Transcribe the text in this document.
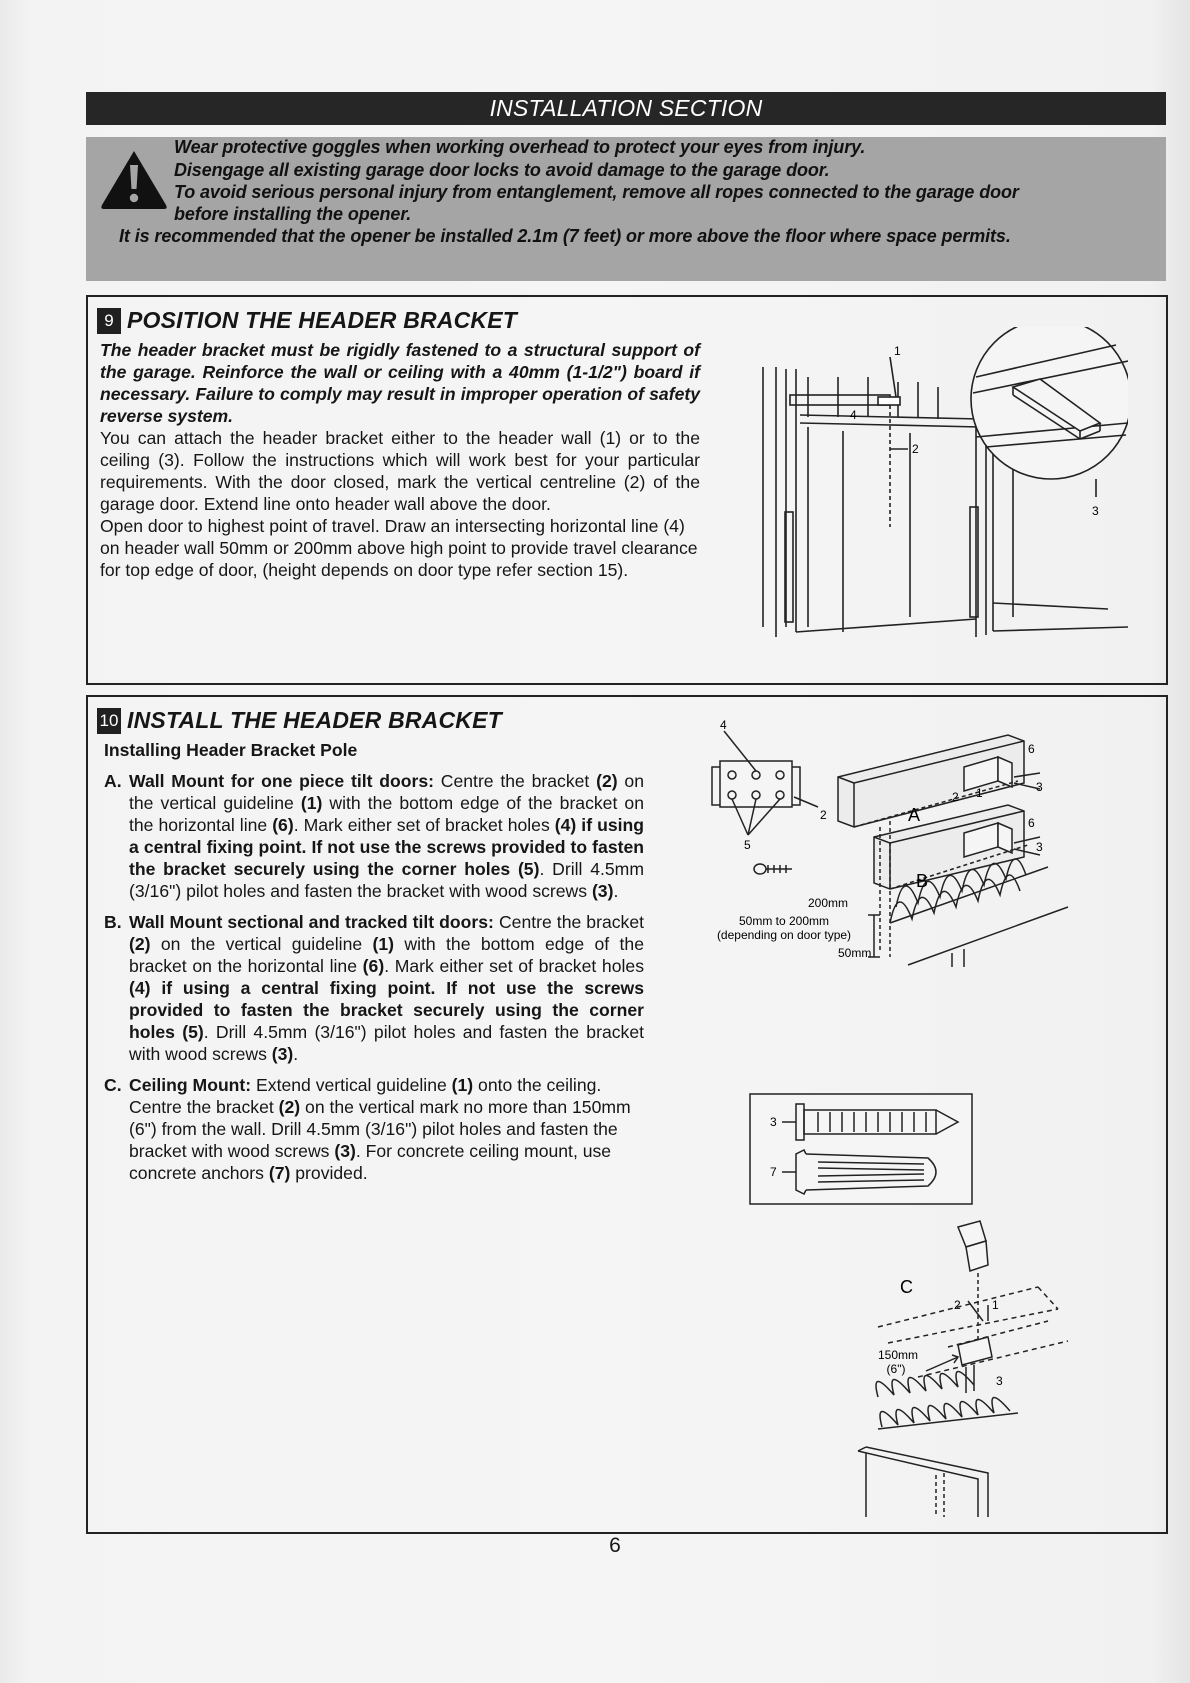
INSTALLATION SECTION
Wear protective goggles when working overhead to protect your eyes from injury.
Disengage all existing garage door locks to avoid damage to the garage door.
To avoid serious personal injury from entanglement, remove all ropes connected to the garage door
before installing the opener.
It is recommended that the opener be installed 2.1m (7 feet) or more above the floor where space permits.
9 POSITION THE HEADER BRACKET

The header bracket must be rigidly fastened to a structural support of the garage. Reinforce the wall or ceiling with a 40mm (1-1/2") board if necessary. Failure to comply may result in improper operation of safety reverse system.

You can attach the header bracket either to the header wall (1) or to the ceiling (3). Follow the instructions which will work best for your particular requirements. With the door closed, mark the vertical centreline (2) of the garage door. Extend line onto header wall above the door.

Open door to highest point of travel. Draw an intersecting horizontal line (4) on header wall 50mm or 200mm above high point to provide travel clearance for top edge of door, (height depends on door type refer section 15).

1
2
3
4
10 INSTALL THE HEADER BRACKET
Installing Header Bracket Pole
A. Wall Mount for one piece tilt doors: Centre the bracket (2) on the vertical guideline (1) with the bottom edge of the bracket on the horizontal line (6). Mark either set of bracket holes (4) if using a central fixing point. If not use the screws provided to fasten the bracket securely using the corner holes (5). Drill 4.5mm (3/16") pilot holes and fasten the bracket with wood screws (3).
B. Wall Mount sectional and tracked tilt doors: Centre the bracket (2) on the vertical guideline (1) with the bottom edge of the bracket on the horizontal line (6). Mark either set of bracket holes (4) if using a central fixing point. If not use the screws provided to fasten the bracket securely using the corner holes (5). Drill 4.5mm (3/16") pilot holes and fasten the bracket with wood screws (3).
C. Ceiling Mount: Extend vertical guideline (1) onto the ceiling. Centre the bracket (2) on the vertical mark no more than 150mm (6") from the wall. Drill 4.5mm (3/16") pilot holes and fasten the bracket with wood screws (3). For concrete ceiling mount, use concrete anchors (7) provided.
4
2
5
6
6
1
2
3
3
A
B
200mm
50mm to 200mm
(depending on door type)
50mm
3
7
C
2	1
3
150mm
(6")
6
